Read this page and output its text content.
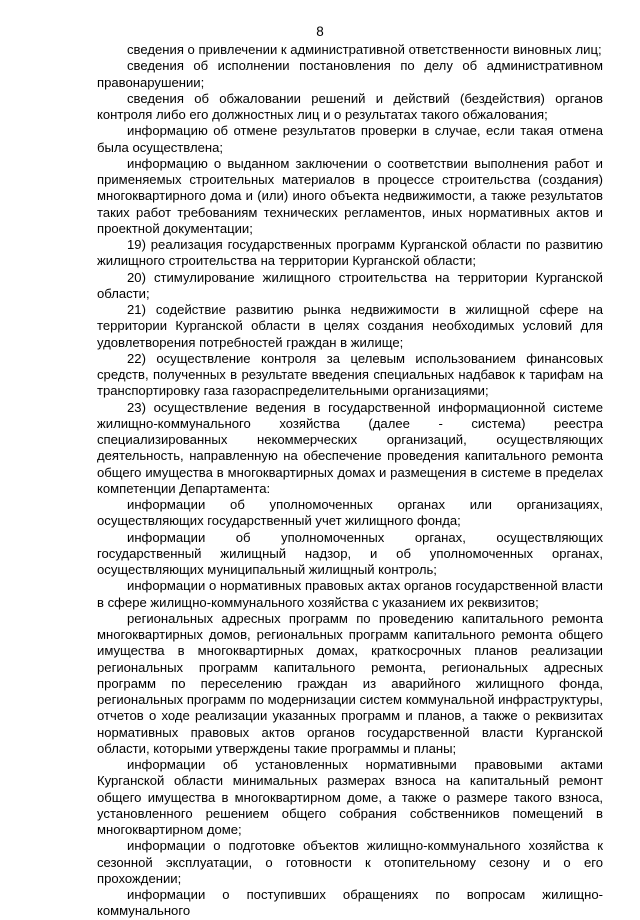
8

сведения о привлечении к административной ответственности виновных лиц;

сведения об исполнении постановления по делу об административном правонарушении;

сведения об обжаловании решений и действий (бездействия) органов контроля либо его должностных лиц и о результатах такого обжалования;

информацию об отмене результатов проверки в случае, если такая отмена была осуществлена;

информацию о выданном заключении о соответствии выполнения работ и применяемых строительных материалов в процессе строительства (создания) многоквартирного дома и (или) иного объекта недвижимости, а также результатов таких работ требованиям технических регламентов, иных нормативных актов и проектной документации;

19) реализация государственных программ Курганской области по развитию жилищного строительства на территории Курганской области;

20) стимулирование жилищного строительства на территории Курганской области;

21) содействие развитию рынка недвижимости в жилищной сфере на территории Курганской области в целях создания необходимых условий для удовлетворения потребностей граждан в жилище;

22) осуществление контроля за целевым использованием финансовых средств, полученных в результате введения специальных надбавок к тарифам на транспортировку газа газораспределительными организациями;

23) осуществление ведения в государственной информационной системе жилищно-коммунального хозяйства (далее - система) реестра специализированных некоммерческих организаций, осуществляющих деятельность, направленную на обеспечение проведения капитального ремонта общего имущества в многоквартирных домах и размещения в системе в пределах компетенции Департамента:

информации об уполномоченных органах или организациях, осуществляющих государственный учет жилищного фонда;

информации об уполномоченных органах, осуществляющих государственный жилищный надзор, и об уполномоченных органах, осуществляющих муниципальный жилищный контроль;

информации о нормативных правовых актах органов государственной власти в сфере жилищно-коммунального хозяйства с указанием их реквизитов;

региональных адресных программ по проведению капитального ремонта многоквартирных домов, региональных программ капитального ремонта общего имущества в многоквартирных домах, краткосрочных планов реализации региональных программ капитального ремонта, региональных адресных программ по переселению граждан из аварийного жилищного фонда, региональных программ по модернизации систем коммунальной инфраструктуры, отчетов о ходе реализации указанных программ и планов, а также о реквизитах нормативных правовых актов органов государственной власти Курганской области, которыми утверждены такие программы и планы;

информации об установленных нормативными правовыми актами Курганской области минимальных размерах взноса на капитальный ремонт общего имущества в многоквартирном доме, а также о размере такого взноса, установленного решением общего собрания собственников помещений в многоквартирном доме;

информации о подготовке объектов жилищно-коммунального хозяйства к сезонной эксплуатации, о готовности к отопительному сезону и о его прохождении;

информации о поступивших обращениях по вопросам жилищно-коммунального
